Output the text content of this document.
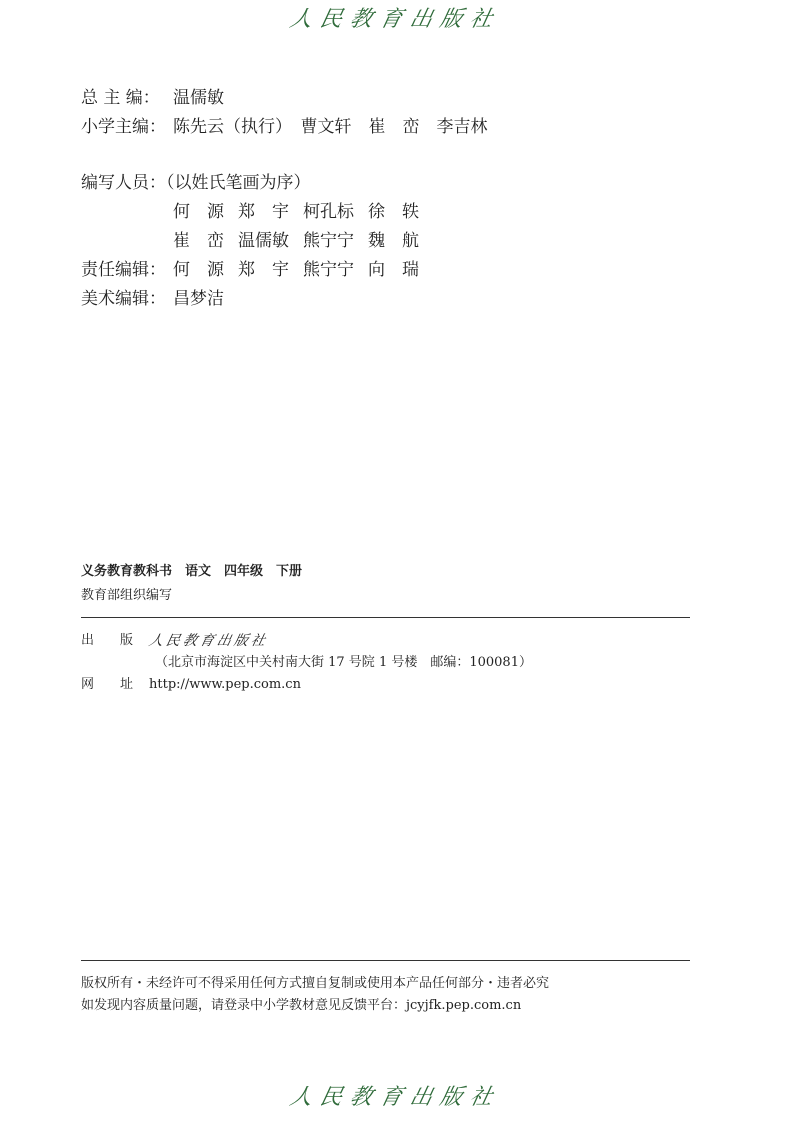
人民教育出版社
总 主 编： 温儒敏
小学主编： 陈先云（执行）　曹文轩　崔　峦　李吉林
编写人员：（以姓氏笔画为序）
何　源 郑　宇 柯孔标 徐　轶
崔　峦 温儒敏 熊宁宁 魏　航
责任编辑： 何　源 郑　宇 熊宁宁 向　瑞
美术编辑： 昌梦洁
义务教育教科书　语文　四年级　下册
教育部组织编写
出版
人民教育出版社
（北京市海淀区中关村南大街 17 号院 1 号楼　邮编：100081）
网址
http://www.pep.com.cn
版权所有・未经许可不得采用任何方式擅自复制或使用本产品任何部分・违者必究
如发现内容质量问题，请登录中小学教材意见反馈平台：jcyjfk.pep.com.cn
人民教育出版社
